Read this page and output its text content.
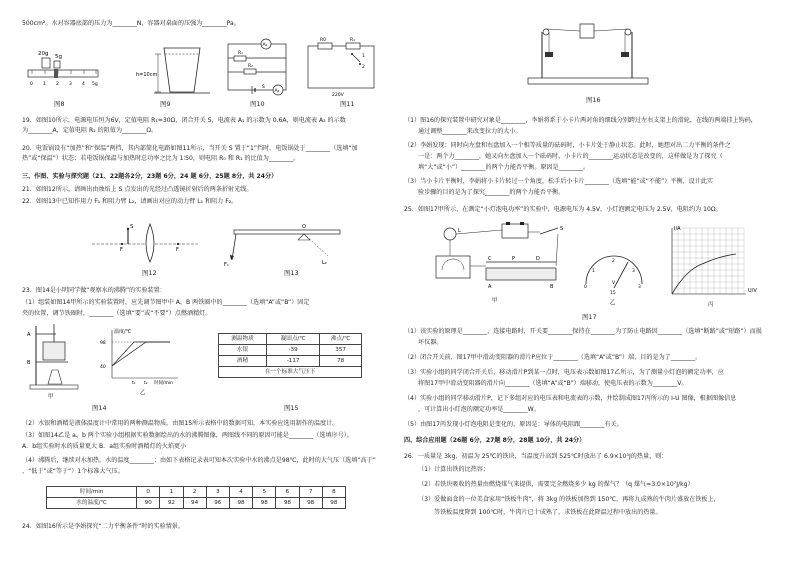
500cm²。水对容器底部的压力为________N，容器对桌面的压强为________Pa。
20g 5g
0 1 2 3 4 5g
图8
h=10cm
图9
A₁
R₁
R₂
S
A₂
图10
R0	R₁
1
2
220V
图11
19．如图10所示，电源电压恒为6V，定值电阻 R₁=30Ω，闭合开关 S，电流表 A₁ 的示数为 0.6A，则电流表 A₂ 的示数
为________A，定值电阻 R₂ 的阻值为________Ω。
20．电饭锅设有“加热”和“保温”两挡，其内部简化电路如图11所示，当开关 S 置于“1”挡时，电饭锅处于________（选填“加
热”或“保温”）状态；若电饭锅保温与加热时总功率之比为 1∶50，则电阻 R₀ 和 R₁ 的比值为________。
三、作图、实验与探究题（21、22题各2分，23题 6分，24 题 6分，25题 8分，共 24分）
21．如图12所示，请画出由烛焰上 S 点发出的光经过凸透镜折射后的两条折射光线。
22．如图13中已知作用力 F₁ 和阻力臂 L₂，请画出对应的动力臂 L₁ 和阻力 F₂。
S
F	F
图12
O
F₁	L₂
图13
23．图14是小明同学做“观察水的沸腾”的实验装置：
（1）组装如图14甲所示的实验装置时，应先调节图甲中 A、B 两铁圈中的________（选填“A”或“B”）固定
夹的位置，调节铁圈时，________（选填“要”或“不要”）点燃酒精灯。
A
B
甲
温度/℃
98
40
t₁ t₂ 时间/min
乙
图14
测温物质	凝固点/℃	沸点/℃
水银	-39	357
酒精	-117	78
在一个标准大气压下		
图15
（2）水银和酒精是液体温度计中常用的两种测温物质，由图15所示表格中的数据可知，本实验应选用制作的温度计。
（3）如图14乙是 a、b 两个实验小组根据实验数据绘出的水的沸腾图像，两图线不同的原因可能是________（选填序号）。
A．b组实验时水的质量更大 B．a组实验时酒精灯的火焰更小
（4）沸腾后，继续对水加热，水的温度________；由如下表格记录表可知本次实验中水的沸点是98℃，此时的大气压（选填“高于”
、“低于”或“等于”）1个标准大气压。
时间/min	0	1	2	3	4	5	6	7	8
水的温度/℃	90	92	94	96	98	98	98	98	98
24．如图16所示是李娟探究“二力平衡条件”时的实验情景。
图16
（1）图16的探究装置中研究对象是________，李娟将系于小卡片两对角的细线分别跨过左右支架上的滑轮，在线的两端挂上钩码，
通过调整________来改变拉力的大小。
（2）李娟发现：同时向左盘和右盘加入一个相等质量的砝码时，小卡片处于静止状态。此时，她想对出二力平衡的条件之
一是：两个力________，她又向左盘加入一个砝码时，小卡片的________运动状态是改变的，这样做是为了探究（
填“大”或“小”）________的两个力能否平衡。原因是________。
（3）当小卡片平衡时，李娟将小卡片转过一个角度，松手后小卡片________（选填“能”或“不能”）平衡，设计此实
验步骤的目的是为了探究________的两个力能否平衡。
25．如图17甲所示，在测定“小灯泡电功率”的实验中，电源电压为 4.5V，小灯泡额定电压为 2.5V，电阻约为 10Ω。
L	S
C	P	D
A	B
甲
1
2
3
0
V
3
15
乙
I/A
U/V
丙
图17
（1）该实验的原理是________，连接电路时，开关要________保持在________为了防止电路因________（选填“断路”或“短路”）而损
坏仪器。
（2）闭合开关前，图17甲中滑动变阻器的滑片P应位于________（选填“A”或“B”）端，目的是为了________。
（3）实验小组的同学闭合开关后，移动滑片P到某一点时，电压表示数如图17乙所示，为了测量小灯泡的额定功率，应
将图17甲中滑动变阻器的滑片向________（选填“A”或“B”）端移动，使电压表的示数为________V。
（4）实验小组的同学移动滑片P，记下多组对应的电压表和电流表的示数，并绘制成图17丙所示的 I-U 图像，根据图像信息
，可计算出小灯泡的额定功率是________W。
（5）由图17丙发现小灯泡电阻是变化的，原因是：导体的电阻跟________有关。
四、综合应用题（26题 6分，27题 8分，28题 10分，共 24分）
26．一质量是 3kg、初温为 25℃的铁块，当温度升高到 525℃时放出了 6.9×10⁵J的热量，则：
（1）计算出铁的比热容；
（2）若铁块吸收的热量由燃烧煤气来提供，需要完全燃烧多少 kg 的煤气？（q 煤气=3.0×10⁷J/kg）
（3）爱做面食的一位美食家用“铁板牛肉”，将 3kg 的铁板加热到 150℃，再将九成熟的牛肉片盛放在铁板上，
等铁板温度降到 100℃时，牛肉片已十成熟了，求铁板在此降温过程中放出的热量。
